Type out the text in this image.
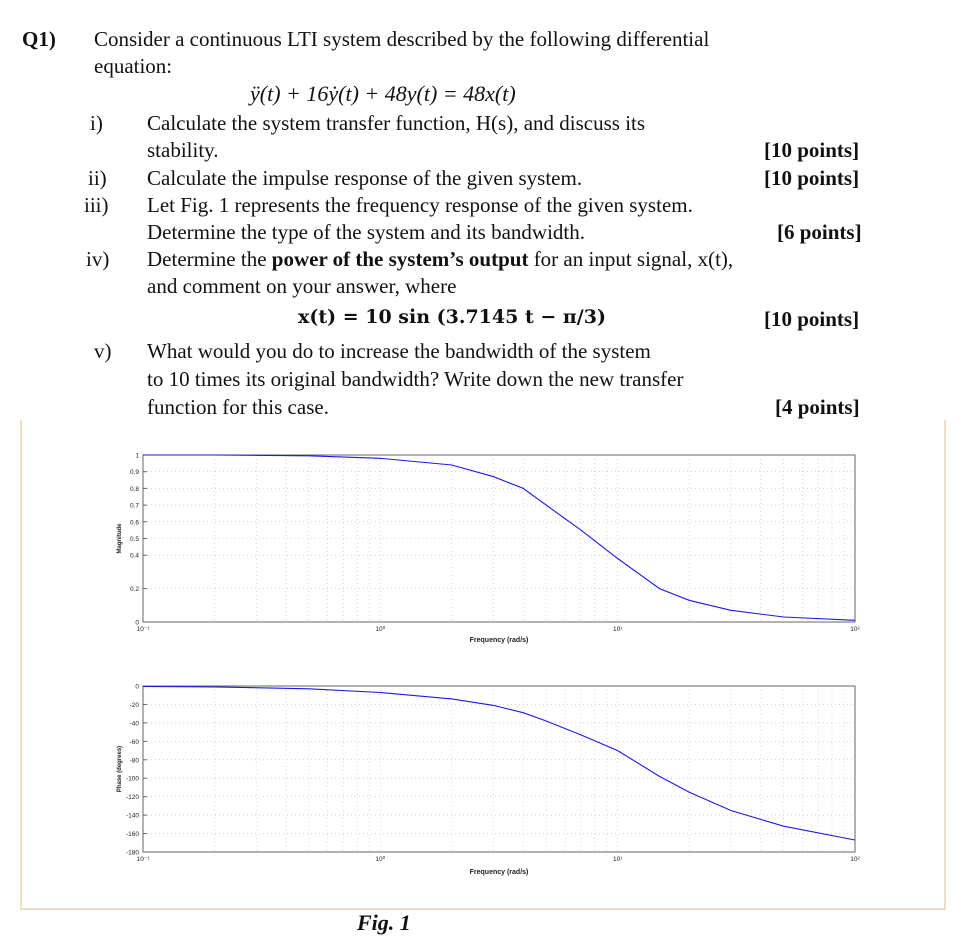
Q1) Consider a continuous LTI system described by the following differential
equation:
ÿ(t) + 16ẏ(t) + 48y(t) = 48x(t)
i) Calculate the system transfer function, H(s), and discuss its
stability.	[10 points]
ii) Calculate the impulse response of the given system.	[10 points]
iii) Let Fig. 1 represents the frequency response of the given system.
Determine the type of the system and its bandwidth.	[6 points]
iv) Determine the power of the system’s output for an input signal, x(t),
and comment on your answer, where
x(t) = 10 sin (3.7145 t − π/3)	[10 points]
v) What would you do to increase the bandwidth of the system
to 10 times its original bandwidth? Write down the new transfer
function for this case.	[4 points]
1
0.9
0.8
0.7
0.6
0.5
0.4
0.2
0
10⁻¹	10⁰	10¹	10²
Frequency (rad/s)
Magnitude
0
-20
-40
-60
-80
-100
-120
-140
-160
-180
10⁻¹	10⁰	10¹	10²
Frequency (rad/s)
Phase (degrees)
Fig. 1
